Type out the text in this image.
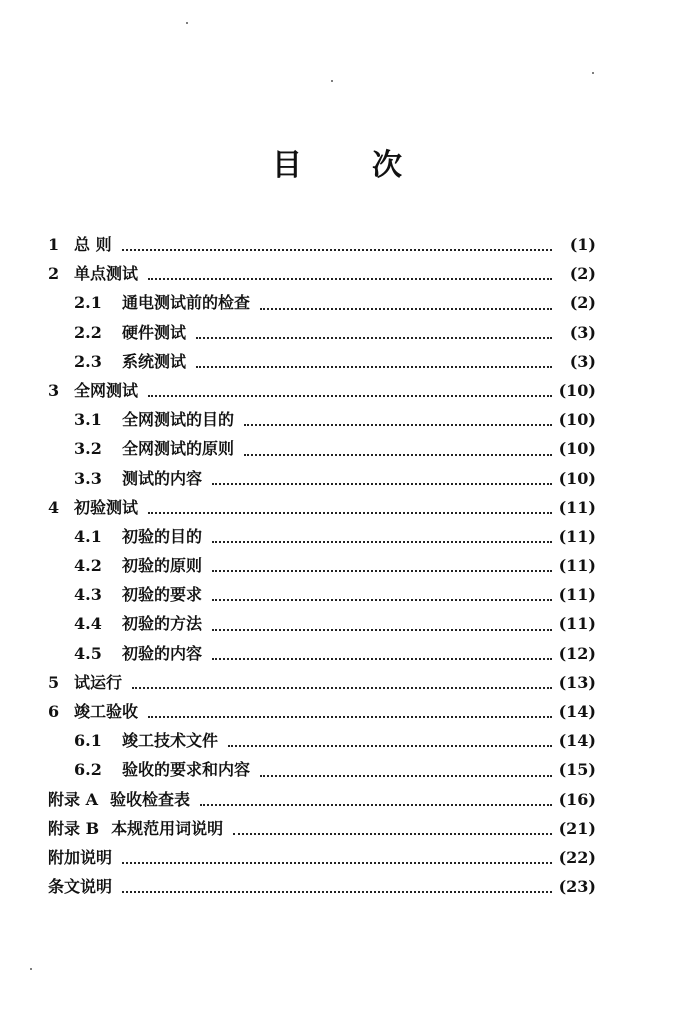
目 次
1 总 则	(1)
2 单点测试	(2)
2.1	通电测试前的检查	(2)
2.2	硬件测试	(3)
2.3	系统测试	(3)
3 全网测试	(10)
3.1	全网测试的目的	(10)
3.2	全网测试的原则	(10)
3.3	测试的内容	(10)
4 初验测试	(11)
4.1	初验的目的	(11)
4.2	初验的原则	(11)
4.3	初验的要求	(11)
4.4	初验的方法	(11)
4.5	初验的内容	(12)
5 试运行	(13)
6 竣工验收	(14)
6.1	竣工技术文件	(14)
6.2	验收的要求和内容	(15)
附录 A 验收检查表	(16)
附录 B 本规范用词说明	(21)
附加说明	(22)
条文说明	(23)
